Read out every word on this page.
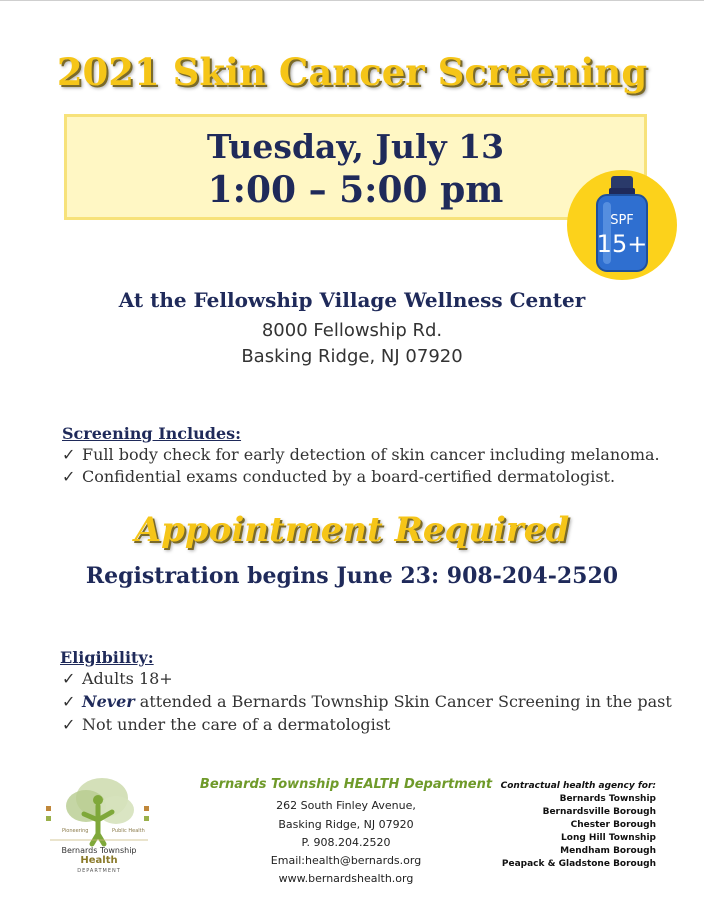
2021 Skin Cancer Screening
Tuesday, July 13
1:00 – 5:00 pm
SPF
15+
At the Fellowship Village Wellness Center
8000 Fellowship Rd.
Basking Ridge, NJ 07920
Screening Includes:
✓ Full body check for early detection of skin cancer including melanoma.
✓ Confidential exams conducted by a board-certified dermatologist.
Appointment Required
Registration begins June 23: 908-204-2520
Eligibility:
✓ Adults 18+
✓ Never attended a Bernards Township Skin Cancer Screening in the past
✓ Not under the care of a dermatologist
Pioneering	Public Health
Bernards Township
Health
DEPARTMENT
Bernards Township HEALTH Department
262 South Finley Avenue,
Basking Ridge, NJ 07920
P. 908.204.2520
Email:health@bernards.org
www.bernardshealth.org
Contractual health agency for:
Bernards Township
Bernardsville Borough
Chester Borough
Long Hill Township
Mendham Borough
Peapack & Gladstone Borough
